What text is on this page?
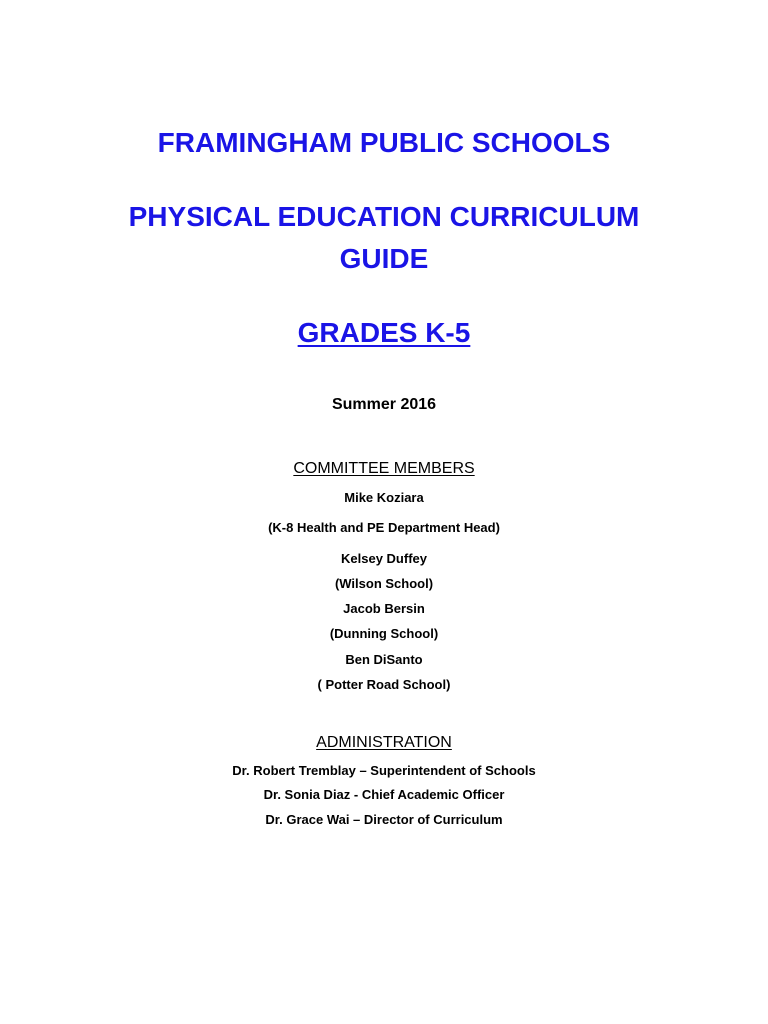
FRAMINGHAM PUBLIC SCHOOLS
PHYSICAL EDUCATION CURRICULUM
GUIDE
GRADES K-5
Summer 2016
COMMITTEE MEMBERS
Mike Koziara
(K-8 Health and PE Department Head)
Kelsey Duffey
(Wilson School)
Jacob Bersin
(Dunning School)
Ben DiSanto
( Potter Road School)
ADMINISTRATION
Dr. Robert Tremblay – Superintendent of Schools
Dr. Sonia Diaz - Chief Academic Officer
Dr. Grace Wai – Director of Curriculum
